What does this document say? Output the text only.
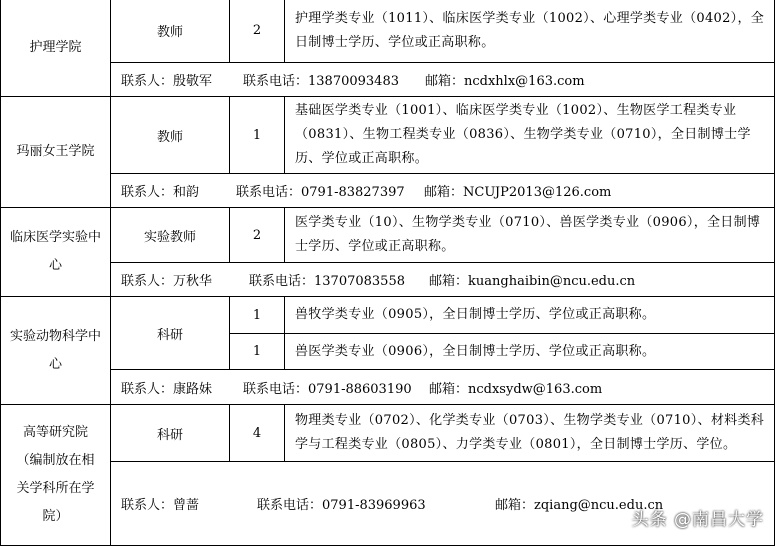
护理学院	教师	2	护理学类专业（1011）、临床医学类专业（1002）、心理学类专业（0402），全日制博士学历、学位或正高职称。
	联系人：殷敬军 联系电话：13870093483 邮箱：ncdxhlx@163.com		
玛丽女王学院	教师	1	基础医学类专业（1001）、临床医学类专业（1002）、生物医学工程类专业（0831）、生物工程类专业（0836）、生物学类专业（0710），全日制博士学历、学位或正高职称。
	联系人：和韵 联系电话：0791-83827397 邮箱：NCUJP2013@126.com		
临床医学实验中心	实验教师	2	医学类专业（10）、生物学类专业（0710）、兽医学类专业（0906），全日制博士学历、学位或正高职称。
	联系人：万秋华 联系电话：13707083558 邮箱：kuanghaibin@ncu.edu.cn		
实验动物科学中心	科研	1	兽牧学类专业（0905），全日制博士学历、学位或正高职称。
		1	兽医学类专业（0906），全日制博士学历、学位或正高职称。
	联系人：康路妹 联系电话：0791-88603190 邮箱：ncdxsydw@163.com		
高等研究院（编制放在相关学科所在学院）	科研	4	物理类专业（0702）、化学类专业（0703）、生物学类专业（0710）、材料类科学与工程类专业（0805）、力学类专业（0801），全日制博士学历、学位。
	联系人：曾蔷 联系电话：0791-83969963 邮箱：zqiang@ncu.edu.cn		
头条 @南昌大学
